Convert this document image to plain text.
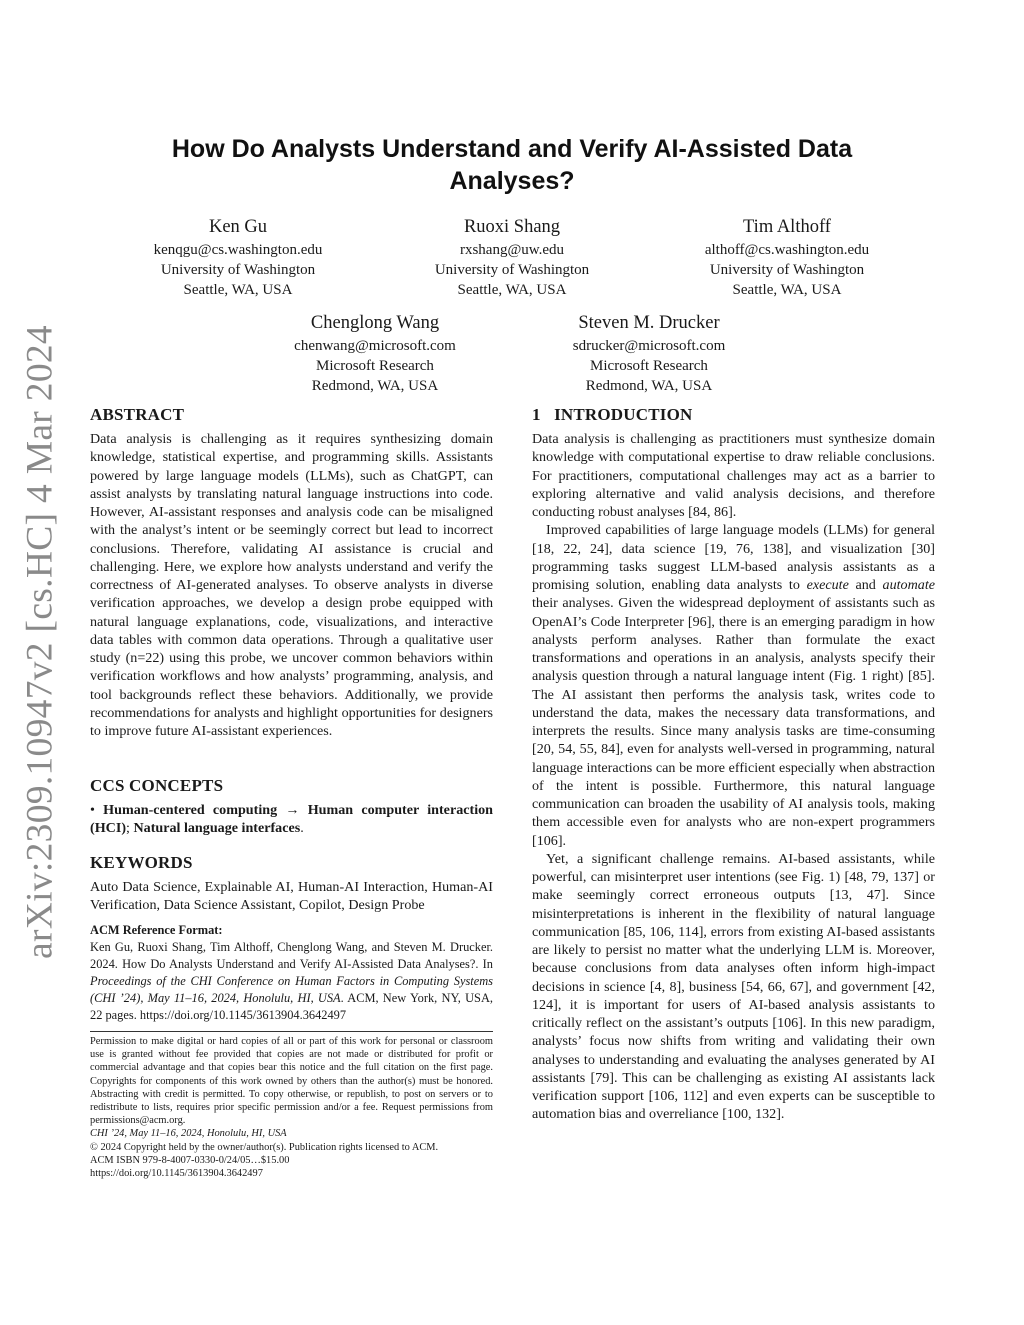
arXiv:2309.10947v2 [cs.HC] 4 Mar 2024
How Do Analysts Understand and Verify AI-Assisted Data Analyses?
Ken Gu
kenqgu@cs.washington.edu
University of Washington
Seattle, WA, USA
Ruoxi Shang
rxshang@uw.edu
University of Washington
Seattle, WA, USA
Tim Althoff
althoff@cs.washington.edu
University of Washington
Seattle, WA, USA
Chenglong Wang
chenwang@microsoft.com
Microsoft Research
Redmond, WA, USA
Steven M. Drucker
sdrucker@microsoft.com
Microsoft Research
Redmond, WA, USA
ABSTRACT

Data analysis is challenging as it requires synthesizing domain knowledge, statistical expertise, and programming skills. Assistants powered by large language models (LLMs), such as ChatGPT, can assist analysts by translating natural language instructions into code. However, AI-assistant responses and analysis code can be misaligned with the analyst’s intent or be seemingly correct but lead to incorrect conclusions. Therefore, validating AI assistance is crucial and challenging. Here, we explore how analysts understand and verify the correctness of AI-generated analyses. To observe analysts in diverse verification approaches, we develop a design probe equipped with natural language explanations, code, visualizations, and interactive data tables with common data operations. Through a qualitative user study (n=22) using this probe, we uncover common behaviors within verification workflows and how analysts’ programming, analysis, and tool backgrounds reflect these behaviors. Additionally, we provide recommendations for analysts and highlight opportunities for designers to improve future AI-assistant experiences.

CCS CONCEPTS

• Human-centered computing → Human computer interaction (HCI); Natural language interfaces.

KEYWORDS

Auto Data Science, Explainable AI, Human-AI Interaction, Human-AI Verification, Data Science Assistant, Copilot, Design Probe

ACM Reference Format:
Ken Gu, Ruoxi Shang, Tim Althoff, Chenglong Wang, and Steven M. Drucker. 2024. How Do Analysts Understand and Verify AI-Assisted Data Analyses?. In Proceedings of the CHI Conference on Human Factors in Computing Systems (CHI ’24), May 11–16, 2024, Honolulu, HI, USA. ACM, New York, NY, USA, 22 pages. https://doi.org/10.1145/3613904.3642497

Permission to make digital or hard copies of all or part of this work for personal or classroom use is granted without fee provided that copies are not made or distributed for profit or commercial advantage and that copies bear this notice and the full citation on the first page. Copyrights for components of this work owned by others than the author(s) must be honored. Abstracting with credit is permitted. To copy otherwise, or republish, to post on servers or to redistribute to lists, requires prior specific permission and/or a fee. Request permissions from permissions@acm.org.

CHI ’24, May 11–16, 2024, Honolulu, HI, USA

© 2024 Copyright held by the owner/author(s). Publication rights licensed to ACM.

ACM ISBN 979-8-4007-0330-0/24/05…$15.00

https://doi.org/10.1145/3613904.3642497

1 INTRODUCTION

Data analysis is challenging as practitioners must synthesize domain knowledge with computational expertise to draw reliable conclusions. For practitioners, computational challenges may act as a barrier to exploring alternative and valid analysis decisions, and therefore conducting robust analyses [84, 86].

Improved capabilities of large language models (LLMs) for general [18, 22, 24], data science [19, 76, 138], and visualization [30] programming tasks suggest LLM-based analysis assistants as a promising solution, enabling data analysts to execute and automate their analyses. Given the widespread deployment of assistants such as OpenAI’s Code Interpreter [96], there is an emerging paradigm in how analysts perform analyses. Rather than formulate the exact transformations and operations in an analysis, analysts specify their analysis question through a natural language intent (Fig. 1 right) [85]. The AI assistant then performs the analysis task, writes code to understand the data, makes the necessary data transformations, and interprets the results. Since many analysis tasks are time-consuming [20, 54, 55, 84], even for analysts well-versed in programming, natural language interactions can be more efficient especially when abstraction of the intent is possible. Furthermore, this natural language communication can broaden the usability of AI analysis tools, making them accessible even for analysts who are non-expert programmers [106].

Yet, a significant challenge remains. AI-based assistants, while powerful, can misinterpret user intentions (see Fig. 1) [48, 79, 137] or make seemingly correct erroneous outputs [13, 47]. Since misinterpretations is inherent in the flexibility of natural language communication [85, 106, 114], errors from existing AI-based assistants are likely to persist no matter what the underlying LLM is. Moreover, because conclusions from data analyses often inform high-impact decisions in science [4, 8], business [54, 66, 67], and government [42, 124], it is important for users of AI-based analysis assistants to critically reflect on the assistant’s outputs [106]. In this new paradigm, analysts’ focus now shifts from writing and validating their own analyses to understanding and evaluating the analyses generated by AI assistants [79]. This can be challenging as existing AI assistants lack verification support [106, 112] and even experts can be susceptible to automation bias and overreliance [100, 132].
